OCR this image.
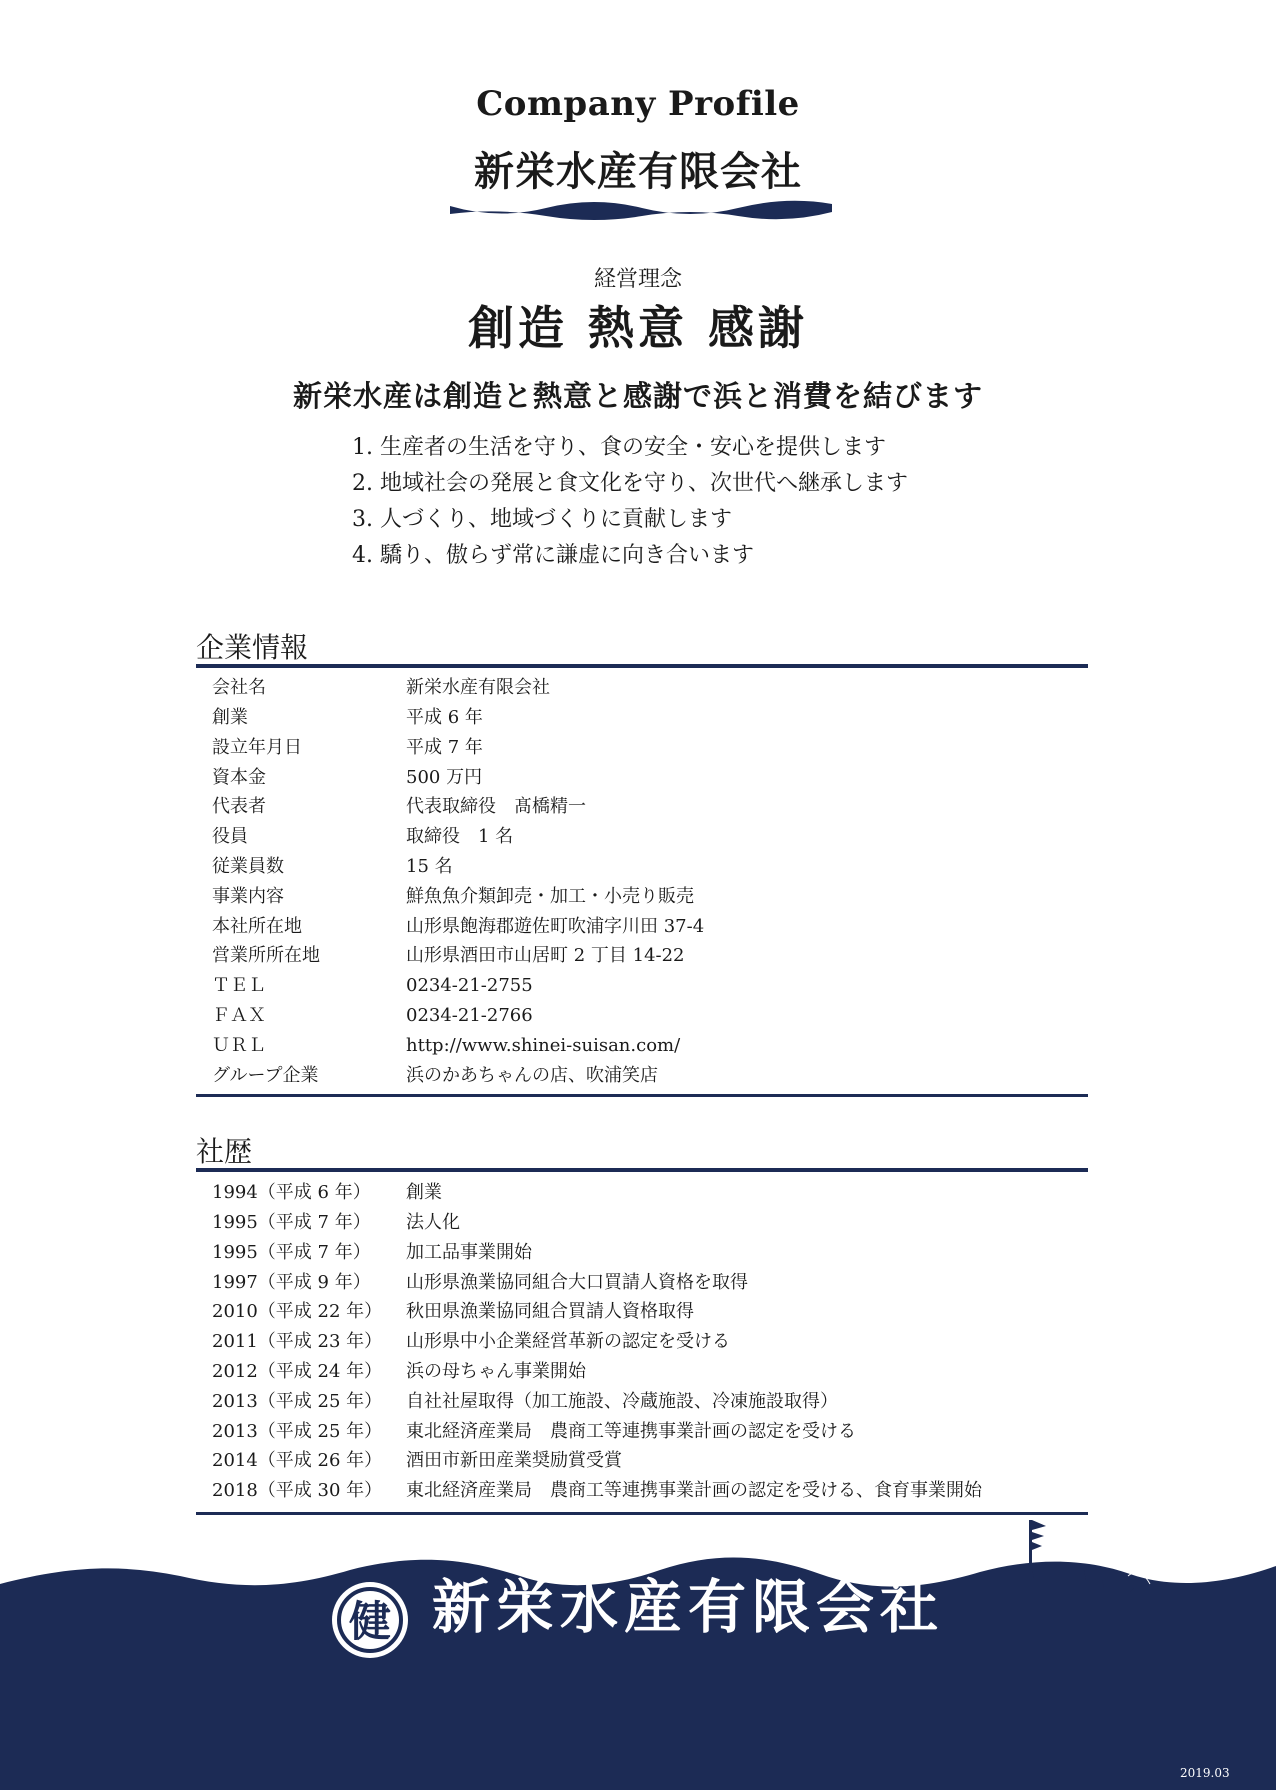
Company Profile
新栄水産有限会社
経営理念
創造 熱意 感謝
新栄水産は創造と熱意と感謝で浜と消費を結びます
1. 生産者の生活を守り、食の安全・安心を提供します
2. 地域社会の発展と食文化を守り、次世代へ継承します
3. 人づくり、地域づくりに貢献します
4. 驕り、傲らず常に謙虚に向き合います
企業情報
会社名	新栄水産有限会社
創業	平成 6 年
設立年月日	平成 7 年
資本金	500 万円
代表者	代表取締役　髙橋精一
役員	取締役　1 名
従業員数	15 名
事業内容	鮮魚魚介類卸売・加工・小売り販売
本社所在地	山形県飽海郡遊佐町吹浦字川田 37-4
営業所所在地	山形県酒田市山居町 2 丁目 14-22
ＴＥＬ	0234-21-2755
ＦＡＸ	0234-21-2766
ＵＲＬ	http://www.shinei-suisan.com/
グループ企業	浜のかあちゃんの店、吹浦笑店
社歴
1994（平成 6 年） 創業
1995（平成 7 年） 法人化
1995（平成 7 年） 加工品事業開始
1997（平成 9 年） 山形県漁業協同組合大口買請人資格を取得
2010（平成 22 年） 秋田県漁業協同組合買請人資格取得
2011（平成 23 年） 山形県中小企業経営革新の認定を受ける
2012（平成 24 年） 浜の母ちゃん事業開始
2013（平成 25 年） 自社社屋取得（加工施設、冷蔵施設、冷凍施設取得）
2013（平成 25 年） 東北経済産業局　農商工等連携事業計画の認定を受ける
2014（平成 26 年） 酒田市新田産業奨励賞受賞
2018（平成 30 年） 東北経済産業局　農商工等連携事業計画の認定を受ける、食育事業開始
健 新栄水産有限会社
2019.03
